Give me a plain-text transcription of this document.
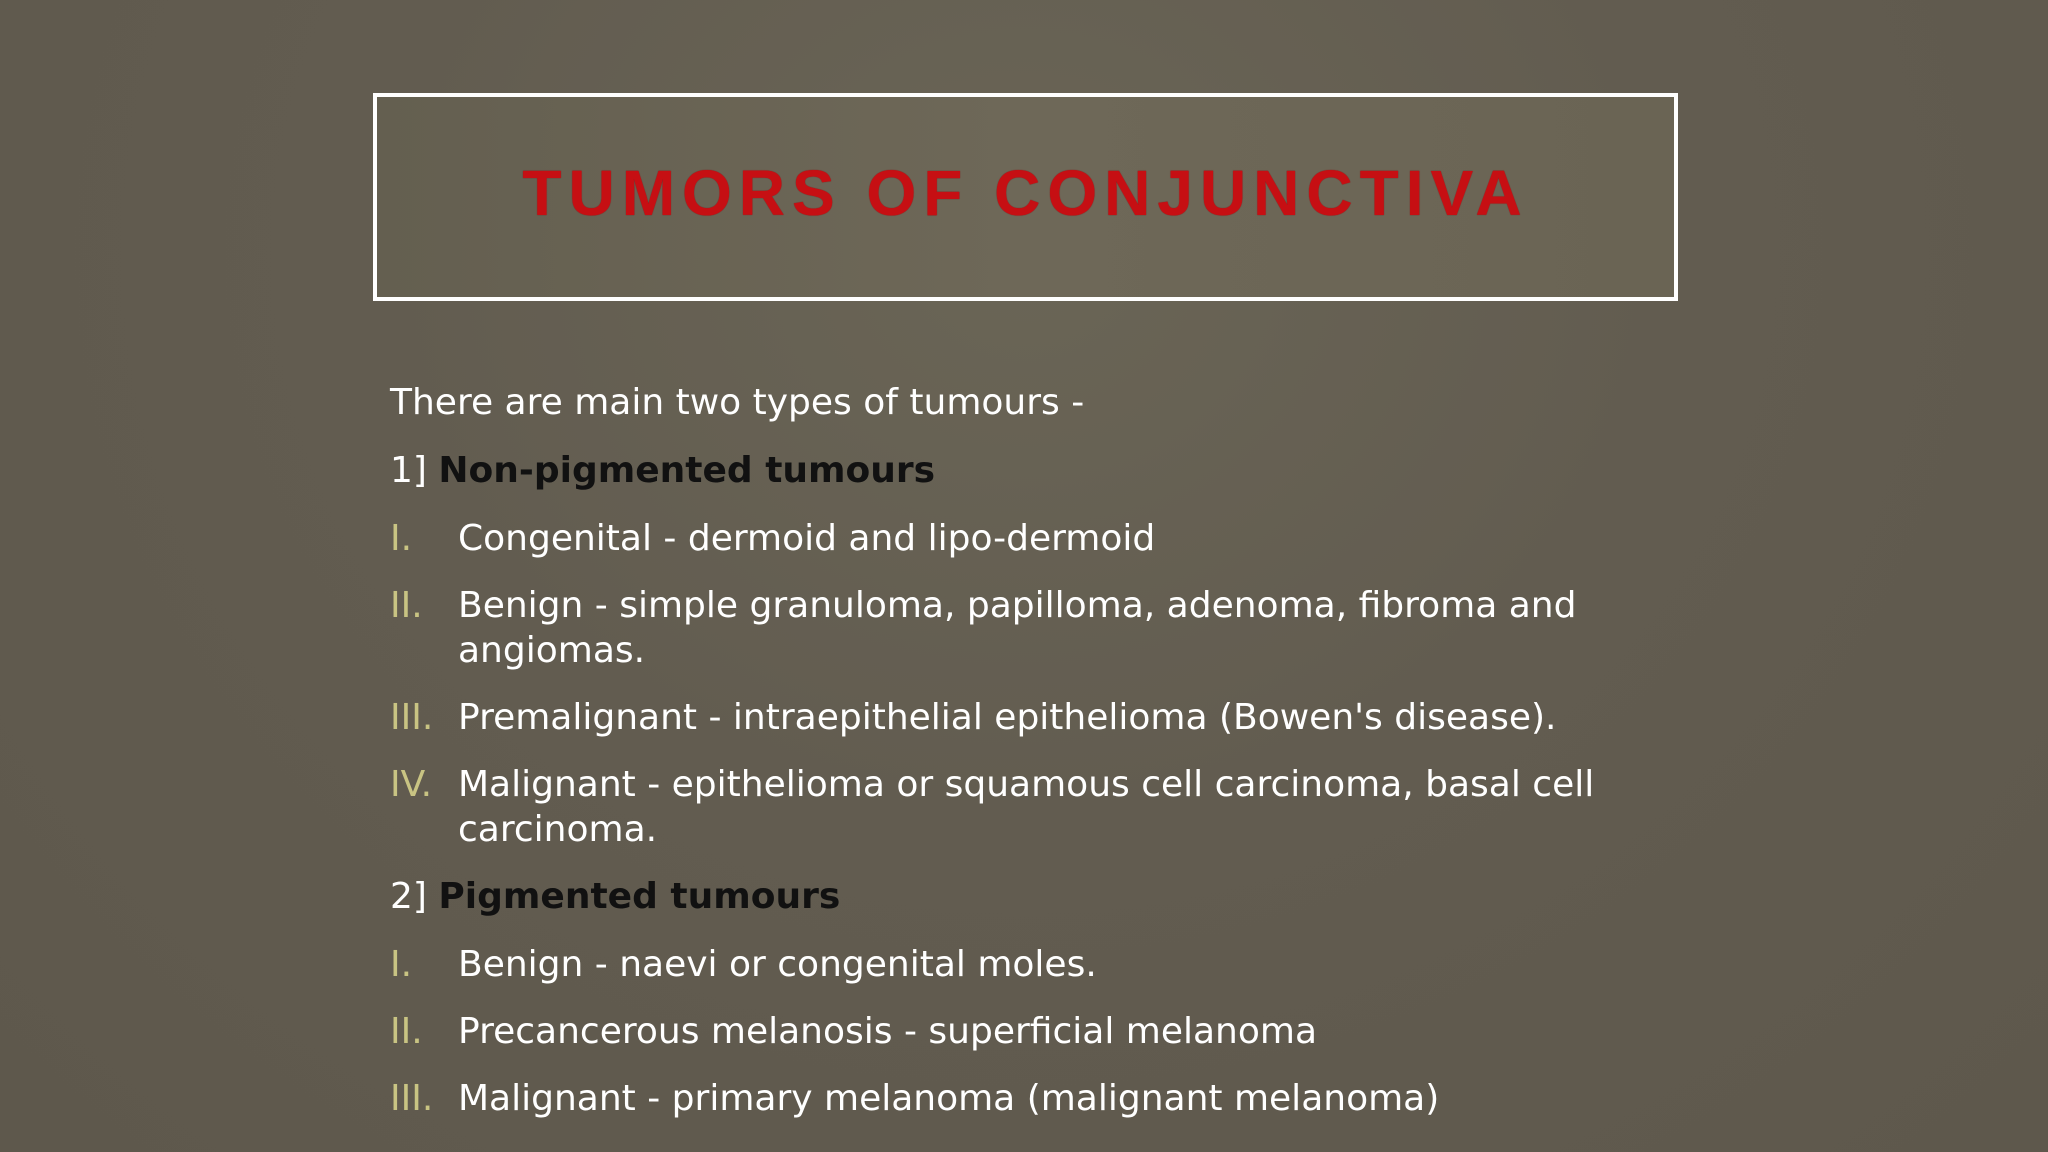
TUMORS OF CONJUNCTIVA
There are main two types of tumours -
1] Non-pigmented tumours
I.	Congenital - dermoid and lipo-dermoid
II. Benign - simple granuloma, papilloma, adenoma, fibroma and angiomas.
III. Premalignant - intraepithelial epithelioma (Bowen's disease).
IV. Malignant - epithelioma or squamous cell carcinoma, basal cell carcinoma.
2] Pigmented tumours
I.	Benign - naevi or congenital moles.
II. Precancerous melanosis - superficial melanoma
III. Malignant - primary melanoma (malignant melanoma)
